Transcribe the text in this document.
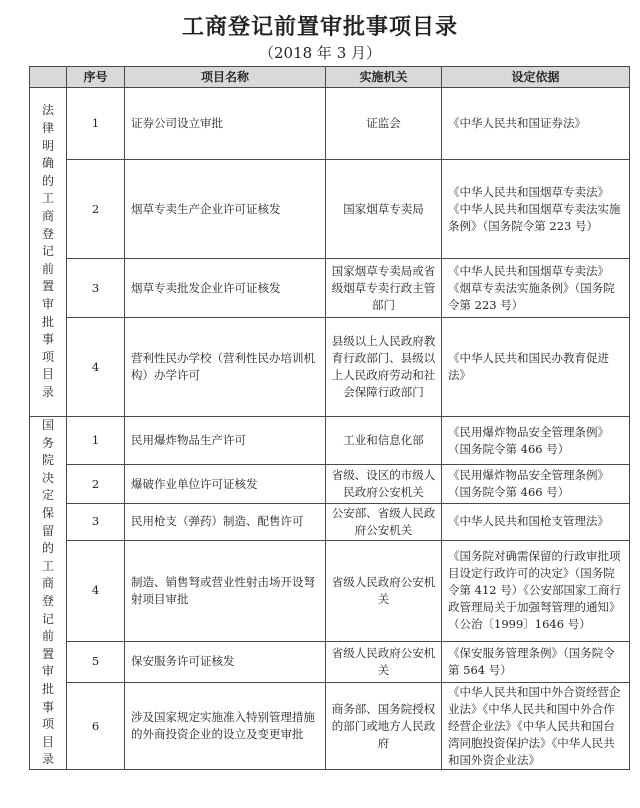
工商登记前置审批事项目录
（2018 年 3 月）
	序号	项目名称	实施机关	设定依据
法律明确的工商登记前置审批事项目录	1	证券公司设立审批	证监会	《中华人民共和国证券法》
	2	烟草专卖生产企业许可证核发	国家烟草专卖局	《中华人民共和国烟草专卖法》《中华人民共和国烟草专卖法实施条例》（国务院令第 223 号）
	3	烟草专卖批发企业许可证核发	国家烟草专卖局或省级烟草专卖行政主管部门	《中华人民共和国烟草专卖法》《烟草专卖法实施条例》（国务院令第 223 号）
	4	营利性民办学校（营利性民办培训机构）办学许可	县级以上人民政府教育行政部门、县级以上人民政府劳动和社会保障行政部门	《中华人民共和国民办教育促进法》
国务院决定保留的工商登记前置审批事项目录	1	民用爆炸物品生产许可	工业和信息化部	《民用爆炸物品安全管理条例》（国务院令第 466 号）
	2	爆破作业单位许可证核发	省级、设区的市级人民政府公安机关	《民用爆炸物品安全管理条例》（国务院令第 466 号）
	3	民用枪支（弹药）制造、配售许可	公安部、省级人民政府公安机关	《中华人民共和国枪支管理法》
	4	制造、销售弩或营业性射击场开设弩射项目审批	省级人民政府公安机关	《国务院对确需保留的行政审批项目设定行政许可的决定》（国务院令第 412 号）《公安部国家工商行政管理局关于加强弩管理的通知》（公治〔1999〕1646 号）
	5	保安服务许可证核发	省级人民政府公安机关	《保安服务管理条例》（国务院令第 564 号）
	6	涉及国家规定实施准入特别管理措施的外商投资企业的设立及变更审批	商务部、国务院授权的部门或地方人民政府	《中华人民共和国中外合资经营企业法》《中华人民共和国中外合作经营企业法》《中华人民共和国台湾同胞投资保护法》《中华人民共和国外资企业法》
